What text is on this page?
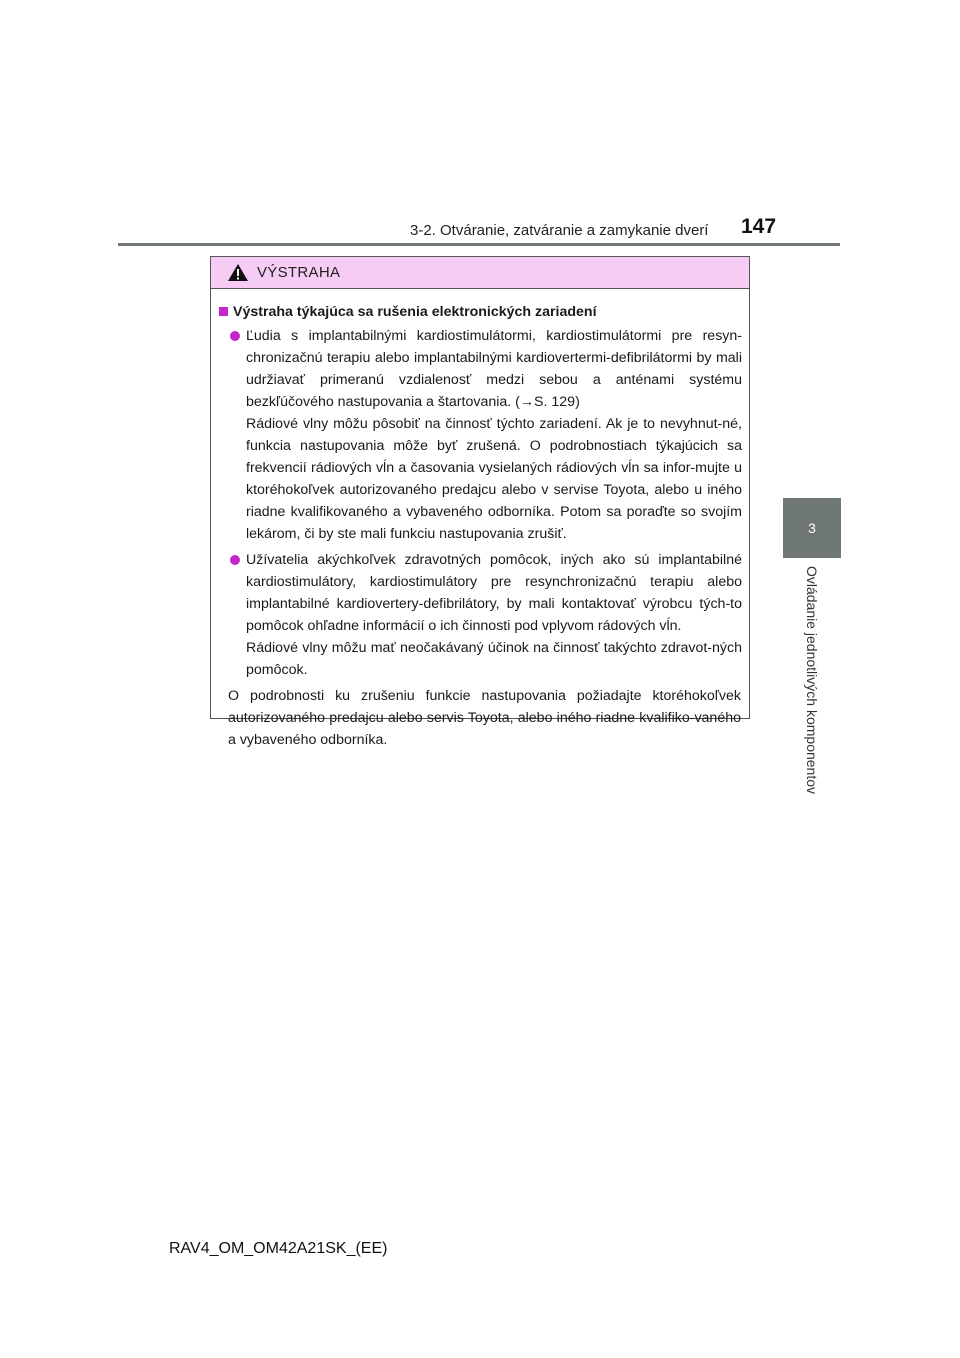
3-2. Otváranie, zatváranie a zamykanie dverí 147
3
Ovládanie jednotlivých komponentov
VÝSTRAHA
Výstraha týkajúca sa rušenia elektronických zariadení

Ľudia s implantabilnými kardiostimulátormi, kardiostimulátormi pre resyn-chronizačnú terapiu alebo implantabilnými kardiovertermi-defibrilátormi by mali udržiavať primeranú vzdialenosť medzi sebou a anténami systému bezkľúčového nastupovania a štartovania. (→S. 129)

Rádiové vlny môžu pôsobiť na činnosť týchto zariadení. Ak je to nevyhnut-né, funkcia nastupovania môže byť zrušená. O podrobnostiach týkajúcich sa frekvencií rádiových vĺn a časovania vysielaných rádiových vĺn sa infor-mujte u ktoréhokoľvek autorizovaného predajcu alebo v servise Toyota, alebo u iného riadne kvalifikovaného a vybaveného odborníka. Potom sa poraďte so svojím lekárom, či by ste mali funkciu nastupovania zrušiť.

Užívatelia akýchkoľvek zdravotných pomôcok, iných ako sú implantabilné kardiostimulátory, kardiostimulátory pre resynchronizačnú terapiu alebo implantabilné kardiovertery-defibrilátory, by mali kontaktovať výrobcu tých-to pomôcok ohľadne informácií o ich činnosti pod vplyvom rádových vĺn.

Rádiové vlny môžu mať neočakávaný účinok na činnosť takýchto zdravot-ných pomôcok.

O podrobnosti ku zrušeniu funkcie nastupovania požiadajte ktoréhokoľvek autorizovaného predajcu alebo servis Toyota, alebo iného riadne kvalifiko-vaného a vybaveného odborníka.
RAV4_OM_OM42A21SK_(EE)
